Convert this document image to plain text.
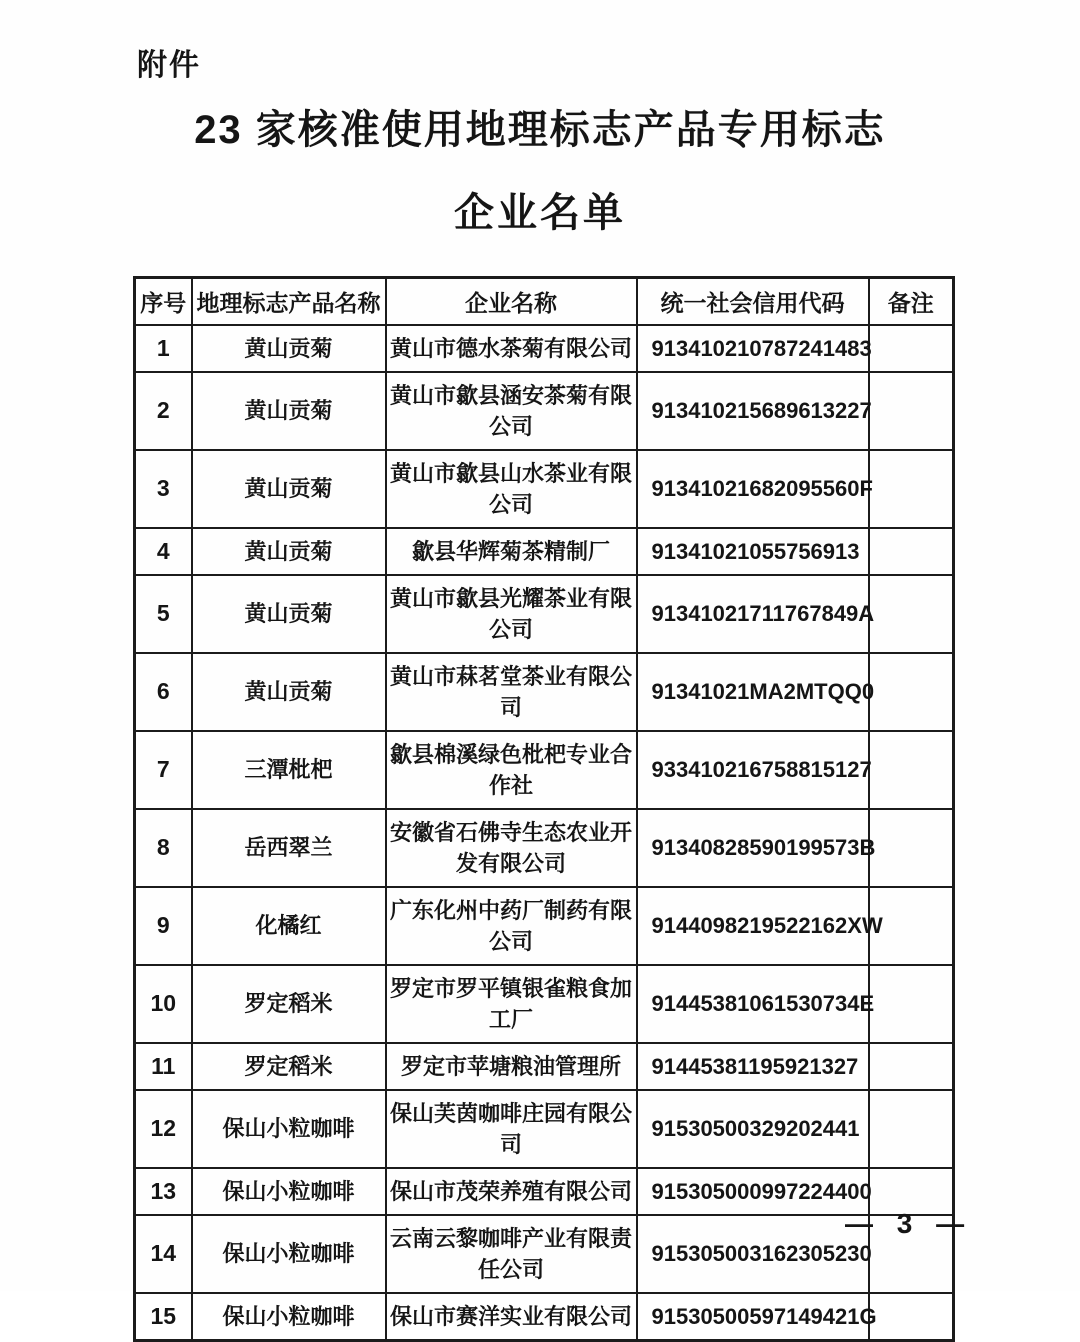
附件
23 家核准使用地理标志产品专用标志
企业名单
序号	地理标志产品名称	企业名称	统一社会信用代码	备注
1	黄山贡菊	黄山市德水茶菊有限公司	913410210787241483	
2	黄山贡菊	黄山市歙县涵安茶菊有限公司	913410215689613227	
3	黄山贡菊	黄山市歙县山水茶业有限公司	91341021682095560F	
4	黄山贡菊	歙县华辉菊茶精制厂	91341021055756913	
5	黄山贡菊	黄山市歙县光耀茶业有限公司	91341021711767849A	
6	黄山贡菊	黄山市菻茗堂茶业有限公司	91341021MA2MTQQ0	
7	三潭枇杷	歙县棉溪绿色枇杷专业合作社	933410216758815127	
8	岳西翠兰	安徽省石佛寺生态农业开发有限公司	91340828590199573B	
9	化橘红	广东化州中药厂制药有限公司	9144098219522162XW	
10	罗定稻米	罗定市罗平镇银雀粮食加工厂	91445381061530734E	
11	罗定稻米	罗定市苹塘粮油管理所	91445381195921327	
12	保山小粒咖啡	保山芙茵咖啡庄园有限公司	91530500329202441	
13	保山小粒咖啡	保山市茂荣养殖有限公司	915305000997224400	
14	保山小粒咖啡	云南云黎咖啡产业有限责任公司	915305003162305230	
15	保山小粒咖啡	保山市赛洋实业有限公司	91530500597149421G	
— 3 —
